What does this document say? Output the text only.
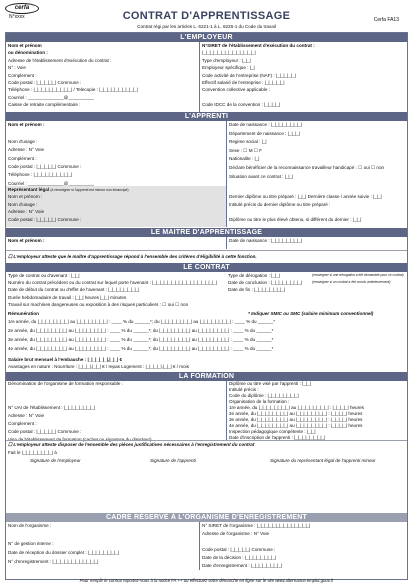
cerfa
N°xxxx	CONTRAT D'APPRENTISSAGE
Contrat régi par les articles L. 6221-1 à L. 6226-1 du Code du travail
Cerfa FA13
L'EMPLOYEUR
Nom et prénom
ou dénomination :
Adresse de l'établissement d'exécution du contrat :
N° : Voie
Complement :
Code postal : |_|_|_|_|_| Commune :
Téléphone : |_|_|_|_|_|_|_|_|_|_| / Telecopie : |_|_|_|_|_|_|_|_|_|_|
Courriel : ______________@__________
Caisse de retraite complémentaire :
N°SIRET de l'établissement d'exécution du contrat :
|_|_|_|_|_|_|_|_|_|_|_|_|_|_|
Type d'employeur : |_|_|
Employeur spécifique : |_|
Code activité de l'entreprise (NAF) : |_|_|_|_|_|
Effectif salarié de l'entreprise : |_|_|_|_|_|
Convention collective applicable :
Code IDCC de la convention : |_|_|_|_|
L'APPRENTI
Nom et prénom :
Nom d'usage :
Adresse : N° Voie
Complément :
Code postal : |_|_|_|_|_| Commune :
Téléphone : |_|_|_|_|_|_|_|_|_|_|
Courriel : ______________@__________
Date de naissance : |_|_|_|_|_|_|_|_|
Département de naissance : |_|_|_|
Regime social : |_|
Sexe : ☐ M ☐ F
Nationalite : |_|
Déclare bénéficier de la reconnaissance travailleur handicapé : ☐ oui ☐ non
Situation avant ce contrat : |_|_|
Représentant légal (à renseigner si l'apprenti est mineur non émancipé)
Nom et prénom :
Nom d'usage :
Adresse : N° Voie
Code postal : |_|_|_|_|_| Commune :
Dernier diplôme ou titre préparé : |_|_| Dernière classe / année suivie : |_|_|
Intitulé précis du dernier diplôme ou titre préparé :
Diplôme ou titre le plus élevé obtenu, si différent du dernier : |_|_|
LE MAITRE D'APPRENTISSAGE
Nom et prénom :	Date de naissance : |_|_|_|_|_|_|_|_|
☐ L'employeur atteste que le maître d'apprentissage répond à l'ensemble des critères d'éligibilité à cette fonction.
LE CONTRAT
Type de contrat ou d'avenant : |_|_|
Numéro du contrat précédent ou du contrat sur lequel porte l'avenant : |_|_|_|_|_|_|_|_|_|_|_|_|_|_|_|_|_|
Date de début du contrat ou d'effet de l'avenant : |_|_|_|_|_|_|_|_|
Durée hebdomadaire de travail : |_|_| heures |_|_| minutes
Travail sur machines dangereuses ou exposition à des risques particuliers : ☐ oui ☐ non
Type de dérogation : |_|_|
Date de conclusion : |_|_|_|_|_|_|_|_|
Date de fin : |_|_|_|_|_|_|_|_|
(renseigner si une dérogation a été demandée pour ce contrat)
(renseigner si un contrat a été conclu antérieurement)
Rémunération	* Indiquer SMIC ou SMC (salaire minimum conventionnel)
1re année, du |_|_|_|_|_|_|_|_| au |_|_|_|_|_|_|_|_| : ____ % du ______*; du |_|_|_|_|_|_|_|_| au |_|_|_|_|_|_|_|_| : ____ % du ______*
2e année, du |_|_|_|_|_|_|_|_| au |_|_|_|_|_|_|_|_| : ____ % du ______*; du |_|_|_|_|_|_|_|_| au |_|_|_|_|_|_|_|_| : ____ % du ______*
3e année, du |_|_|_|_|_|_|_|_| au |_|_|_|_|_|_|_|_| : ____ % du ______*; du |_|_|_|_|_|_|_|_| au |_|_|_|_|_|_|_|_| : ____ % du ______*
4e année, du |_|_|_|_|_|_|_|_| au |_|_|_|_|_|_|_|_| : ____ % du ______*; du |_|_|_|_|_|_|_|_| au |_|_|_|_|_|_|_|_| : ____ % du ______*
Salaire brut mensuel à l'embauche : |_|_|_|_|_|,|_|_| €
Avantages en nature : Nourriture : |_|_|_|,|_|_| € / repas Logement : |_|_|_|_|,|_|_| € / mois
LA FORMATION
Dénomination de l'organisme de formation responsable :
N° UAI de l'établissement : |_|_|_|_|_|_|_|_|
Adresse : N° Voie
Complement :
Code postal : |_|_|_|_|_| Commune :
Diplôme ou titre visé par l'apprenti : |_|_|
Intitulé précis :
Code du diplôme : |_|_|_|_|_|_|_|_|
Organisation de la formation :
1re année, du |_|_|_|_|_|_|_|_| au |_|_|_|_|_|_|_|_| : |_|_|_|_| heures
2e année, du |_|_|_|_|_|_|_|_| au |_|_|_|_|_|_|_|_| : |_|_|_|_| heures
3e année, du |_|_|_|_|_|_|_|_| au |_|_|_|_|_|_|_|_| : |_|_|_|_| heures
4e année, du |_|_|_|_|_|_|_|_| au |_|_|_|_|_|_|_|_| : |_|_|_|_| heures
Inspection pédagogique compétente : |_|_|
Date d'inscription de l'apprenti : |_|_|_|_|_|_|_|_|
☐ L'employeur atteste disposer de l'ensemble des pièces justificatives nécessaires à l'enregistrement du contrat
Fait le |_|_|_|_|_|_|_|_| à
Signature de l'employeur	Signature de l'apprenti	Signature du représentant légal de l'apprenti mineur
CADRE RÉSERVÉ À L'ORGANISME D'ENREGISTREMENT
Nom de l'organisme :
N° de gestion interne :
Date de réception du dossier complet : |_|_|_|_|_|_|_|_|
N° d'enregistrement : |_|_|_|_|_|_|_|_|_|_|_|_|
N° SIRET de l'organisme : |_|_|_|_|_|_|_|_|_|_|_|_|_|_|
Adresse de l'organisme : N° Voie
Code postal : |_|_|_|_|_| Commune :
Date de la décision : |_|_|_|_|_|_|_|_|
Date d'enregistrement : |_|_|_|_|_|_|_|_|
Pour remplir le contrat reportez-vous à la notice FA ++ ou effectuez votre démarche en ligne sur le site www.alternance.emploi.gouv.fr
